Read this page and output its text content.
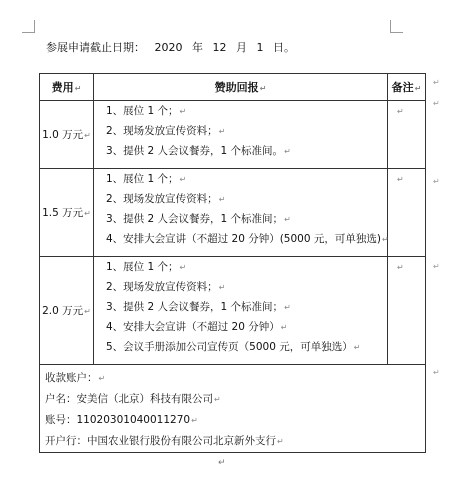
参展申请截止日期： 2020 年 12 月 1 日。
费用↵	赞助回报↵	备注↵
1.0 万元↵	1、展位 1 个；↵
2、现场发放宣传资料；↵
3、提供 2 人会议餐券，1 个标准间。↵	↵
1.5 万元↵	1、展位 1 个；↵
2、现场发放宣传资料；↵
3、提供 2 人会议餐券，1 个标准间；↵
4、安排大会宣讲（不超过 20 分钟）(5000 元，可单独选)↵	↵
2.0 万元↵	1、展位 1 个；↵
2、现场发放宣传资料；↵
3、提供 2 人会议餐券，1 个标准间；↵
4、安排大会宣讲（不超过 20 分钟）↵
5、会议手册添加公司宣传页（5000 元，可单独选）↵	↵

收款账户：↵
户名：安美信（北京）科技有限公司↵
账号：11020301040011270↵
开户行：中国农业银行股份有限公司北京新外支行↵		
↵
↵
↵
↵
↵
↵
